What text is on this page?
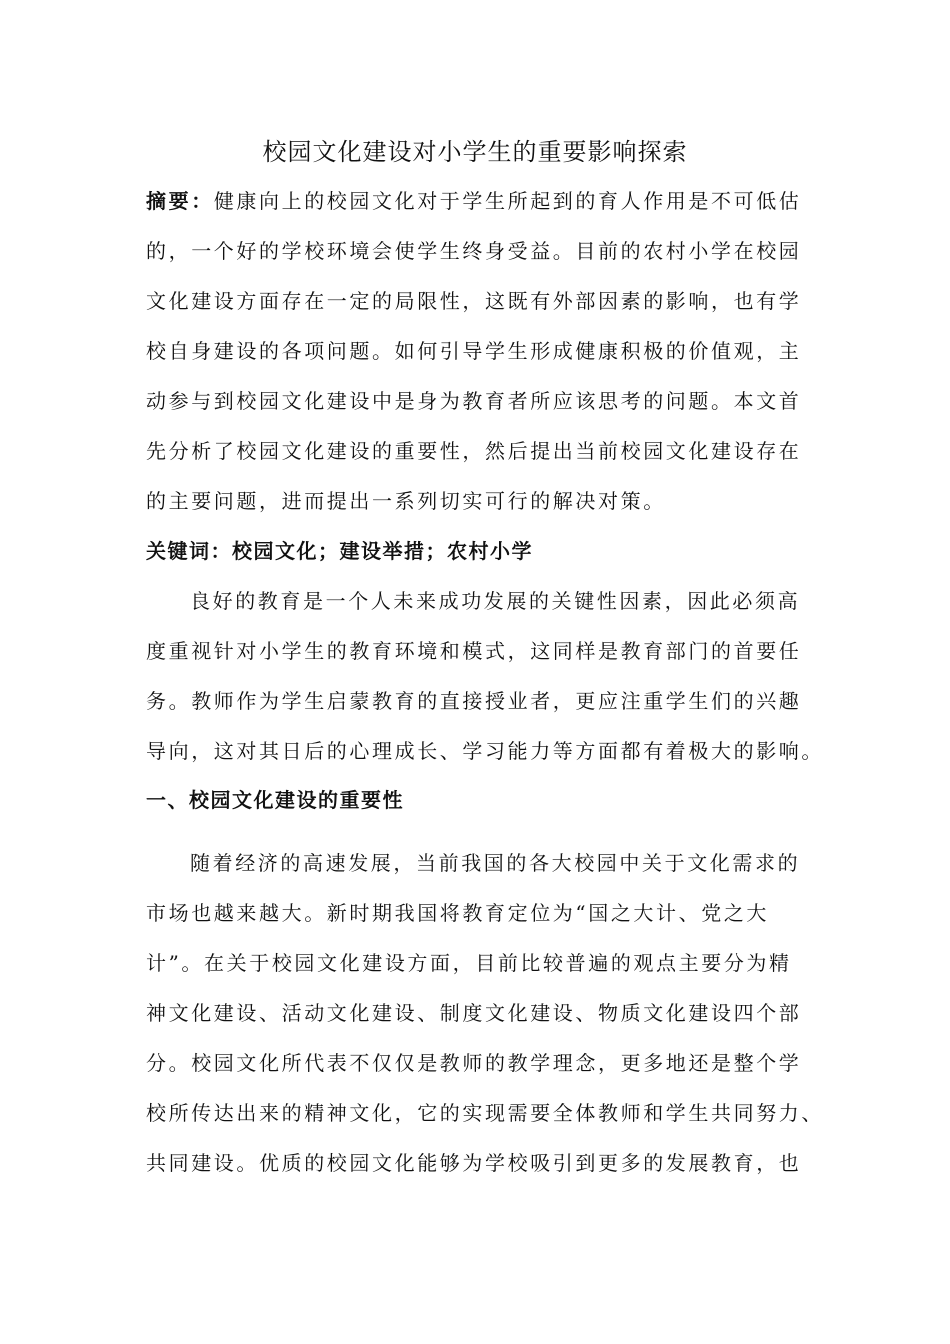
校园文化建设对小学生的重要影响探索
摘要：健康向上的校园文化对于学生所起到的育人作用是不可低估
的，一个好的学校环境会使学生终身受益。目前的农村小学在校园
文化建设方面存在一定的局限性，这既有外部因素的影响，也有学
校自身建设的各项问题。如何引导学生形成健康积极的价值观，主
动参与到校园文化建设中是身为教育者所应该思考的问题。本文首
先分析了校园文化建设的重要性，然后提出当前校园文化建设存在
的主要问题，进而提出一系列切实可行的解决对策。
关键词：校园文化；建设举措；农村小学
良好的教育是一个人未来成功发展的关键性因素，因此必须高
度重视针对小学生的教育环境和模式，这同样是教育部门的首要任
务。教师作为学生启蒙教育的直接授业者，更应注重学生们的兴趣
导向，这对其日后的心理成长、学习能力等方面都有着极大的影响。
一、校园文化建设的重要性
随着经济的高速发展，当前我国的各大校园中关于文化需求的
市场也越来越大。新时期我国将教育定位为“国之大计、党之大
计”。在关于校园文化建设方面，目前比较普遍的观点主要分为精
神文化建设、活动文化建设、制度文化建设、物质文化建设四个部
分。校园文化所代表不仅仅是教师的教学理念，更多地还是整个学
校所传达出来的精神文化，它的实现需要全体教师和学生共同努力、
共同建设。优质的校园文化能够为学校吸引到更多的发展教育，也
